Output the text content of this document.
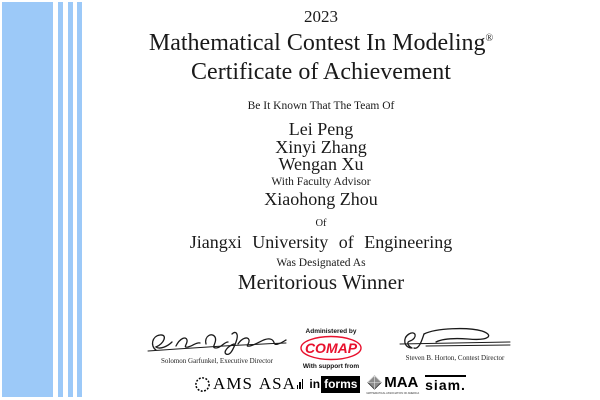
2023
Mathematical Contest In Modeling®
Certificate of Achievement
Be It Known That The Team Of
Lei Peng
Xinyi Zhang
Wengan Xu
With Faculty Advisor
Xiaohong Zhou
Of
Jiangxi University of Engineering
Was Designated As
Meritorious Winner
Solomon Garfunkel, Executive Director
Administered by
COMAP
With support from
Steven B. Horton, Contest Director
AMS ASA in forms MAA
MATHEMATICAL ASSOCIATION OF AMERICA siam.
